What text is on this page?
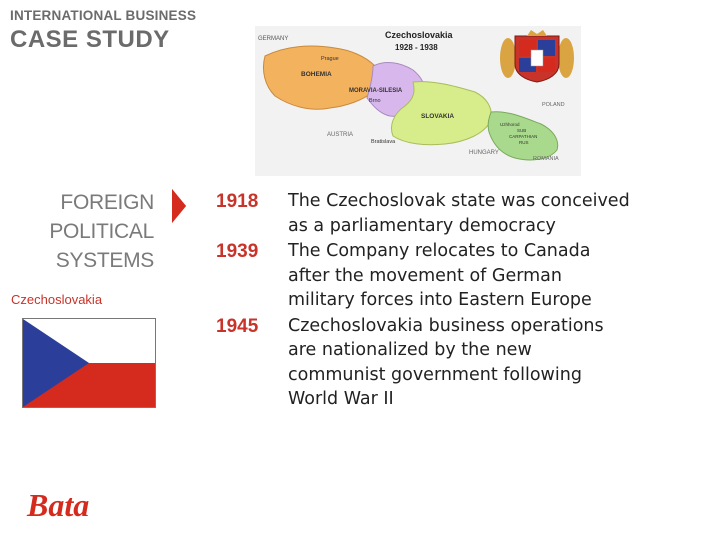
INTERNATIONAL BUSINESS
CASE STUDY
FOREIGN
POLITICAL
SYSTEMS
Czechoslovakia
Bata
GERMANY
Prague
BOHEMIA
MORAVIA-SILESIA
Brno
SLOVAKIA
AUSTRIA
Bratislava
HUNGARY
POLAND
SUB
CARPATHIAN
RUS
Uzhhorod
ROMANIA
Czechoslovakia
1928 - 1938
1918	The Czechoslovak state was conceived
as a parliamentary democracy
1939	The Company relocates to Canada
after the movement of German
military forces into Eastern Europe
1945	Czechoslovakia business operations
are nationalized by the new
communist government following
World War II
